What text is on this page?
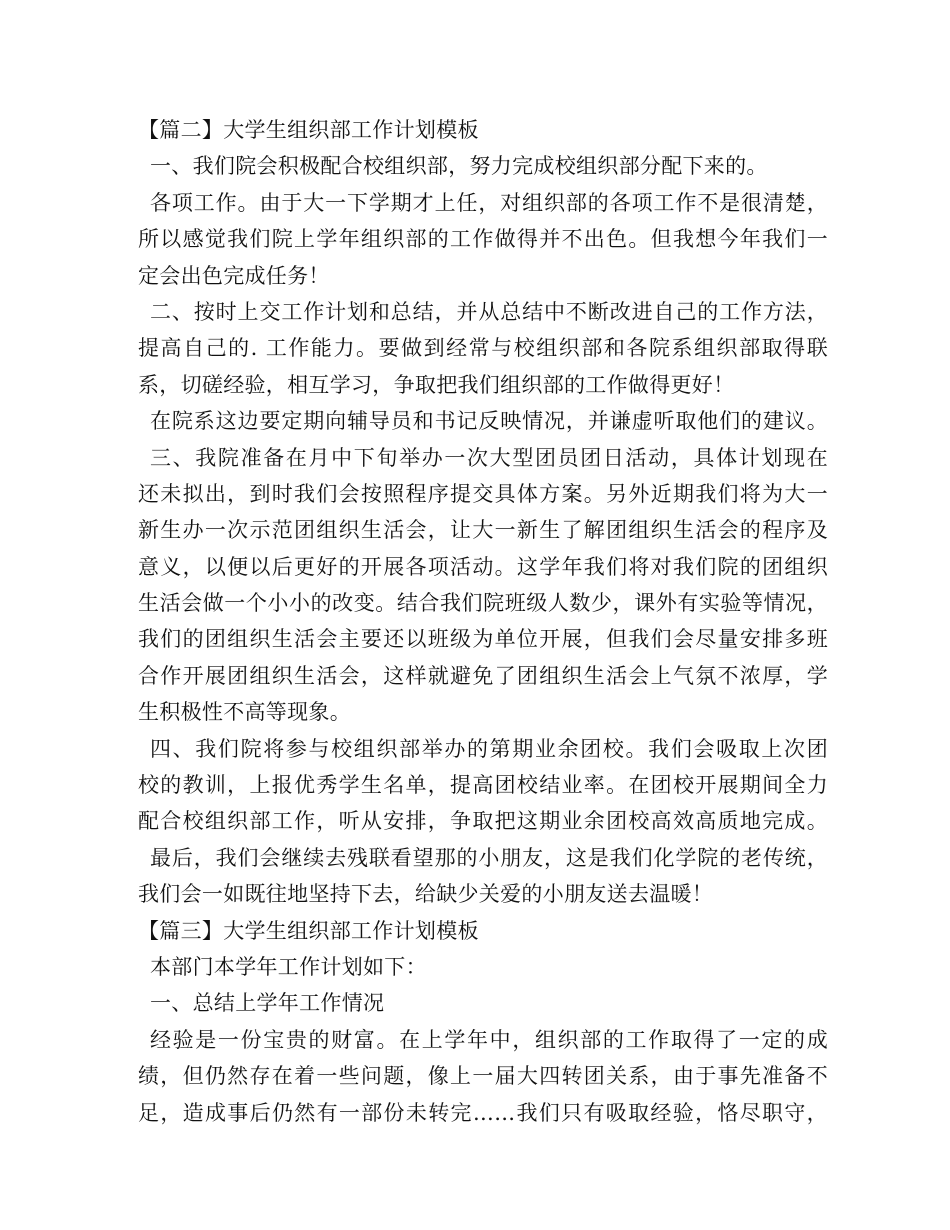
【篇二】大学生组织部工作计划模板
一、我们院会积极配合校组织部，努力完成校组织部分配下来的。
各项工作。由于大一下学期才上任，对组织部的各项工作不是很清楚，
所以感觉我们院上学年组织部的工作做得并不出色。但我想今年我们一
定会出色完成任务！
二、按时上交工作计划和总结，并从总结中不断改进自己的工作方法，
提高自己的. 工作能力。要做到经常与校组织部和各院系组织部取得联
系，切磋经验，相互学习，争取把我们组织部的工作做得更好！
在院系这边要定期向辅导员和书记反映情况，并谦虚听取他们的建议。
三、我院准备在月中下旬举办一次大型团员团日活动，具体计划现在
还未拟出，到时我们会按照程序提交具体方案。另外近期我们将为大一
新生办一次示范团组织生活会，让大一新生了解团组织生活会的程序及
意义，以便以后更好的开展各项活动。这学年我们将对我们院的团组织
生活会做一个小小的改变。结合我们院班级人数少，课外有实验等情况，
我们的团组织生活会主要还以班级为单位开展，但我们会尽量安排多班
合作开展团组织生活会，这样就避免了团组织生活会上气氛不浓厚，学
生积极性不高等现象。
四、我们院将参与校组织部举办的第期业余团校。我们会吸取上次团
校的教训，上报优秀学生名单，提高团校结业率。在团校开展期间全力
配合校组织部工作，听从安排，争取把这期业余团校高效高质地完成。
最后，我们会继续去残联看望那的小朋友，这是我们化学院的老传统，
我们会一如既往地坚持下去，给缺少关爱的小朋友送去温暖！
【篇三】大学生组织部工作计划模板
本部门本学年工作计划如下：
一、总结上学年工作情况
经验是一份宝贵的财富。在上学年中，组织部的工作取得了一定的成
绩，但仍然存在着一些问题，像上一届大四转团关系，由于事先准备不
足，造成事后仍然有一部份未转完……我们只有吸取经验，恪尽职守，
